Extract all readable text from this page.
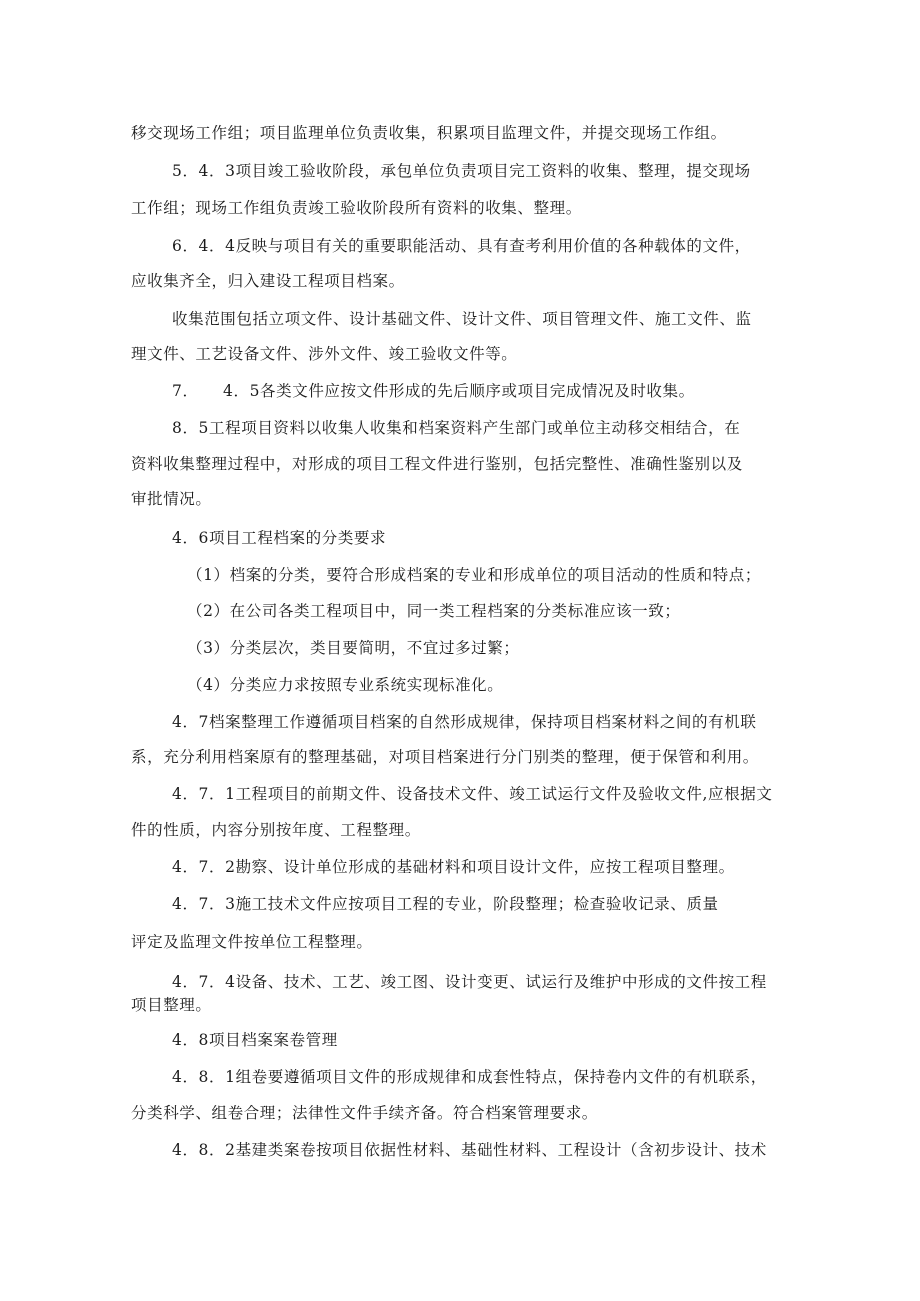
移交现场工作组；项目监理单位负责收集，积累项目监理文件，并提交现场工作组。
5．4．3项目竣工验收阶段，承包单位负责项目完工资料的收集、整理，提交现场
工作组；现场工作组负责竣工验收阶段所有资料的收集、整理。
6．4．4反映与项目有关的重要职能活动、具有查考利用价值的各种载体的文件，
应收集齐全，归入建设工程项目档案。
收集范围包括立项文件、设计基础文件、设计文件、项目管理文件、施工文件、监
理文件、工艺设备文件、涉外文件、竣工验收文件等。
7．　　4．5各类文件应按文件形成的先后顺序或项目完成情况及时收集。
8．5工程项目资料以收集人收集和档案资料产生部门或单位主动移交相结合，在
资料收集整理过程中，对形成的项目工程文件进行鉴别，包括完整性、准确性鉴别以及
审批情况。
4．6项目工程档案的分类要求
（1）档案的分类，要符合形成档案的专业和形成单位的项目活动的性质和特点；
（2）在公司各类工程项目中，同一类工程档案的分类标准应该一致；
（3）分类层次，类目要简明，不宜过多过繁；
（4）分类应力求按照专业系统实现标准化。
4．7档案整理工作遵循项目档案的自然形成规律，保持项目档案材料之间的有机联
系，充分利用档案原有的整理基础，对项目档案进行分门别类的整理，便于保管和利用。
4．7．1工程项目的前期文件、设备技术文件、竣工试运行文件及验收文件,应根据文
件的性质，内容分别按年度、工程整理。
4．7．2勘察、设计单位形成的基础材料和项目设计文件，应按工程项目整理。
4．7．3施工技术文件应按项目工程的专业，阶段整理；检查验收记录、质量
评定及监理文件按单位工程整理。
4．7．4设备、技术、工艺、竣工图、设计变更、试运行及维护中形成的文件按工程
项目整理。
4．8项目档案案卷管理
4．8．1组卷要遵循项目文件的形成规律和成套性特点，保持卷内文件的有机联系，
分类科学、组卷合理；法律性文件手续齐备。符合档案管理要求。
4．8．2基建类案卷按项目依据性材料、基础性材料、工程设计（含初步设计、技术
